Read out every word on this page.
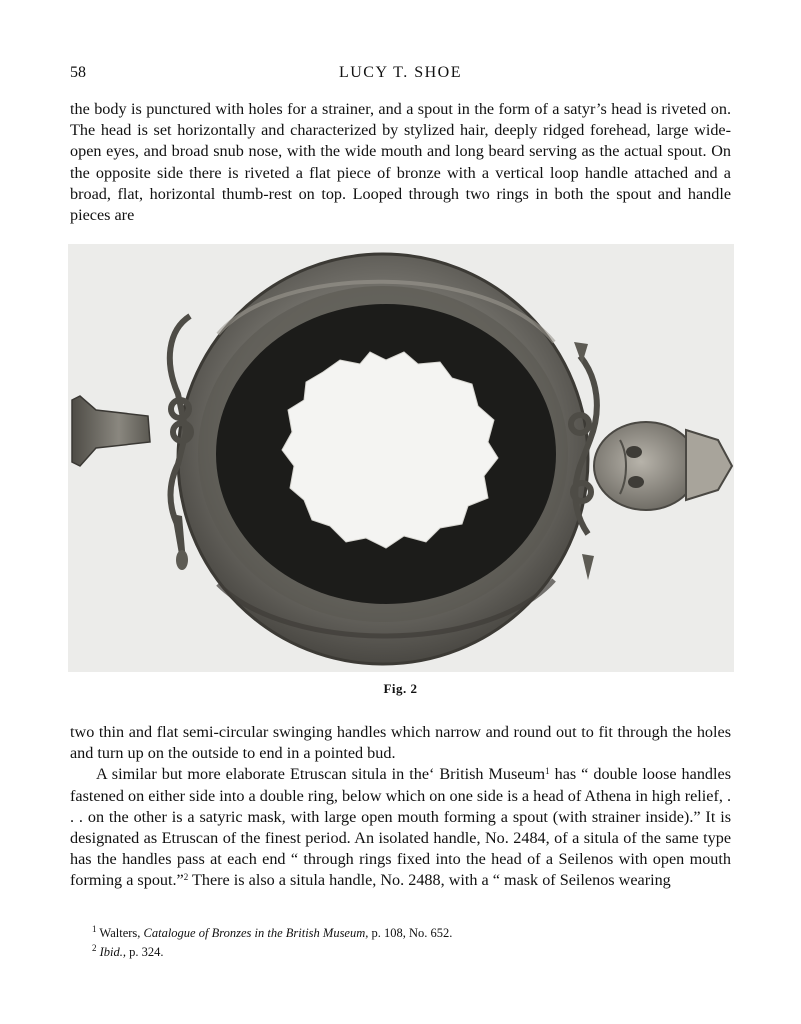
58	LUCY T. SHOE

the body is punctured with holes for a strainer, and a spout in the form of a satyr’s head is riveted on. The head is set horizontally and characterized by stylized hair, deeply ridged forehead, large wide-open eyes, and broad snub nose, with the wide mouth and long beard serving as the actual spout. On the opposite side there is riveted a flat piece of bronze with a vertical loop handle attached and a broad, flat, horizontal thumb-rest on top. Looped through two rings in both the spout and handle pieces are

Fig. 2

two thin and flat semi-circular swinging handles which narrow and round out to fit through the holes and turn up on the outside to end in a pointed bud.

A similar but more elaborate Etruscan situla in the‘ British Museum$^1$ has “ double loose handles fastened on either side into a double ring, below which on one side is a head of Athena in high relief, . . . on the other is a satyric mask, with large open mouth forming a spout (with strainer inside).” It is designated as Etruscan of the finest period. An isolated handle, No. 2484, of a situla of the same type has the handles pass at each end “ through rings fixed into the head of a Seilenos with open mouth forming a spout.”$^2$ There is also a situla handle, No. 2488, with a “ mask of Seilenos wearing

$^1$ Walters, Catalogue of Bronzes in the British Museum, p. 108, No. 652.
$^2$ Ibid., p. 324.
